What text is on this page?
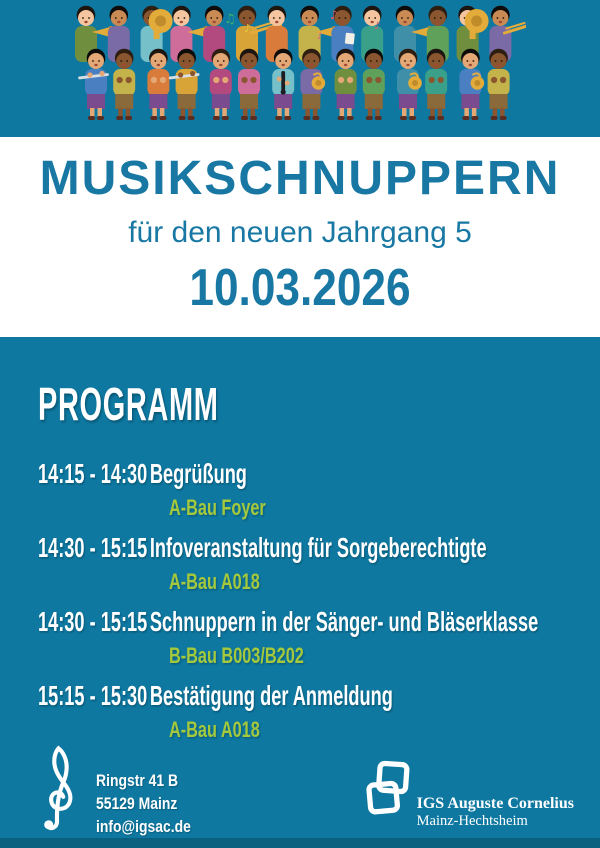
♫
♪
♪
♪
♪
MUSIKSCHNUPPERN
für den neuen Jahrgang 5
10.03.2026
PROGRAMM
14:15 - 14:30Begrüßung
A-Bau Foyer
14:30 - 15:15Infoveranstaltung für Sorgeberechtigte
A-Bau A018
14:30 - 15:15Schnuppern in der Sänger- und Bläserklasse
B-Bau B003/B202
15:15 - 15:30Bestätigung der Anmeldung
A-Bau A018
Ringstr 41 B
55129 Mainz
info@igsac.de
IGS Auguste Cornelius
Mainz-Hechtsheim
